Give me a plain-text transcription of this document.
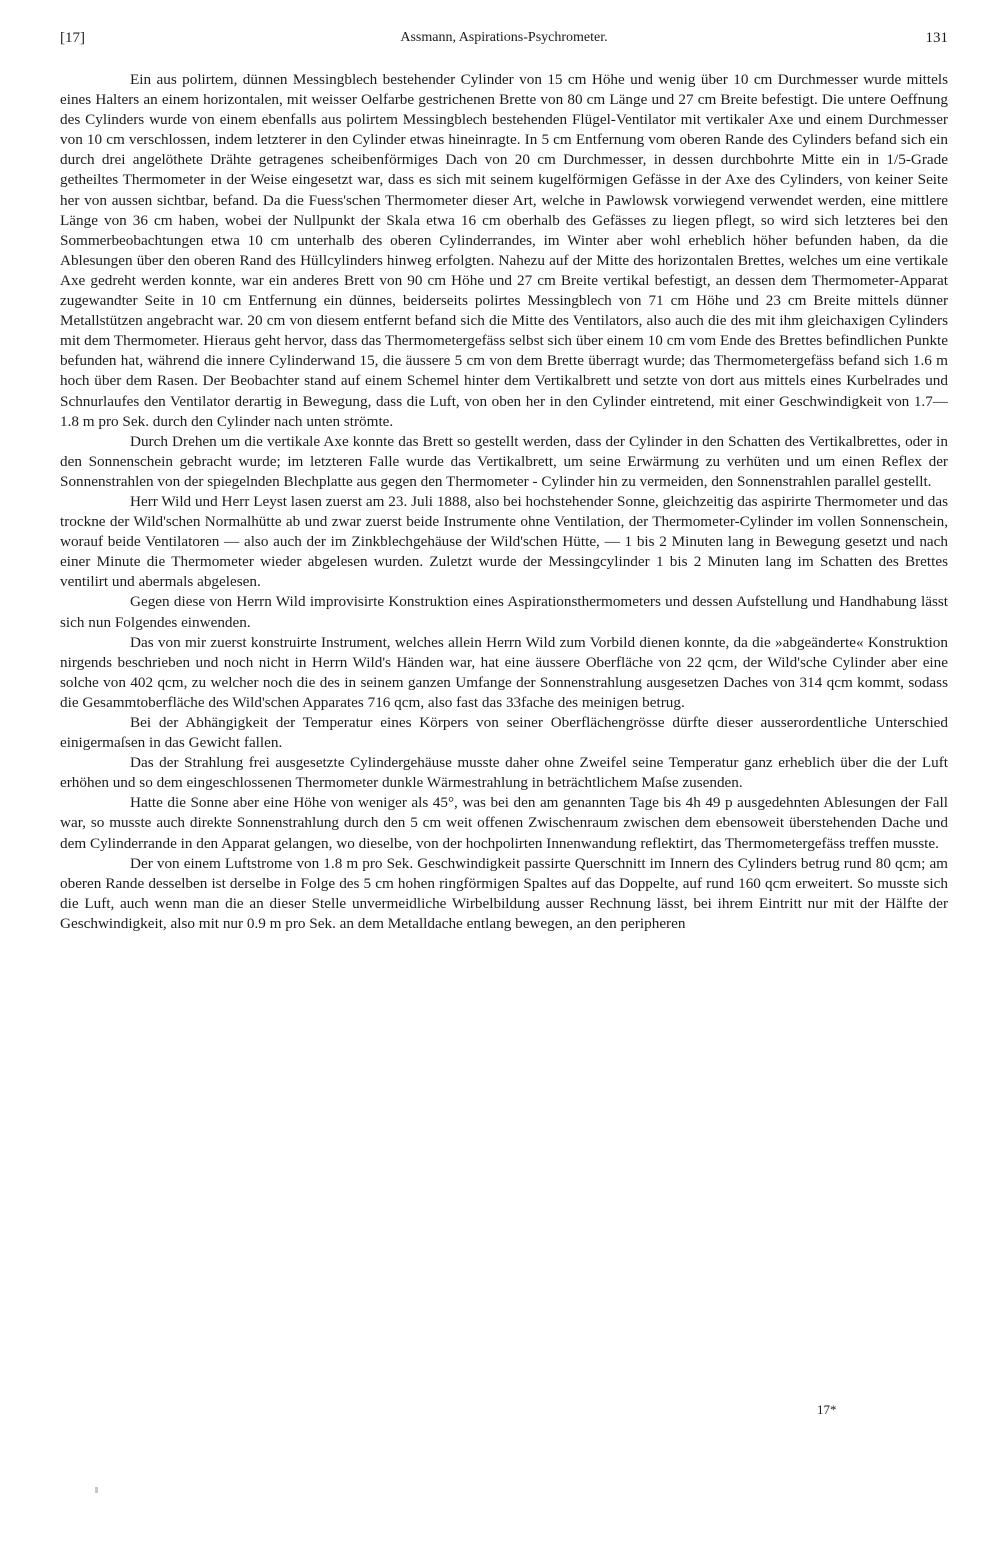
[17]	Assmann, Aspirations-Psychrometer.	131

Ein aus polirtem, dünnen Messingblech bestehender Cylinder von 15 cm Höhe und wenig über 10 cm Durchmesser wurde mittels eines Halters an einem horizontalen, mit weisser Oelfarbe gestrichenen Brette von 80 cm Länge und 27 cm Breite befestigt. Die untere Oeffnung des Cylinders wurde von einem ebenfalls aus polirtem Messingblech bestehenden Flügel-Ventilator mit vertikaler Axe und einem Durchmesser von 10 cm verschlossen, indem letzterer in den Cylinder etwas hineinragte. In 5 cm Entfernung vom oberen Rande des Cylinders befand sich ein durch drei angelöthete Drähte getragenes scheibenförmiges Dach von 20 cm Durchmesser, in dessen durchbohrte Mitte ein in 1/5-Grade getheiltes Thermometer in der Weise eingesetzt war, dass es sich mit seinem kugelförmigen Gefässe in der Axe des Cylinders, von keiner Seite her von aussen sichtbar, befand. Da die Fuess'schen Thermometer dieser Art, welche in Pawlowsk vorwiegend verwendet werden, eine mittlere Länge von 36 cm haben, wobei der Nullpunkt der Skala etwa 16 cm oberhalb des Gefässes zu liegen pflegt, so wird sich letzteres bei den Sommerbeobachtungen etwa 10 cm unterhalb des oberen Cylinderrandes, im Winter aber wohl erheblich höher befunden haben, da die Ablesungen über den oberen Rand des Hüllcylinders hinweg erfolgten. Nahezu auf der Mitte des horizontalen Brettes, welches um eine vertikale Axe gedreht werden konnte, war ein anderes Brett von 90 cm Höhe und 27 cm Breite vertikal befestigt, an dessen dem Thermometer-Apparat zugewandter Seite in 10 cm Entfernung ein dünnes, beiderseits polirtes Messingblech von 71 cm Höhe und 23 cm Breite mittels dünner Metallstützen angebracht war. 20 cm von diesem entfernt befand sich die Mitte des Ventilators, also auch die des mit ihm gleichaxigen Cylinders mit dem Thermometer. Hieraus geht hervor, dass das Thermometergefäss selbst sich über einem 10 cm vom Ende des Brettes befindlichen Punkte befunden hat, während die innere Cylinderwand 15, die äussere 5 cm von dem Brette überragt wurde; das Thermometergefäss befand sich 1.6 m hoch über dem Rasen. Der Beobachter stand auf einem Schemel hinter dem Vertikalbrett und setzte von dort aus mittels eines Kurbelrades und Schnurlaufes den Ventilator derartig in Bewegung, dass die Luft, von oben her in den Cylinder eintretend, mit einer Geschwindigkeit von 1.7—1.8 m pro Sek. durch den Cylinder nach unten strömte.

Durch Drehen um die vertikale Axe konnte das Brett so gestellt werden, dass der Cylinder in den Schatten des Vertikalbrettes, oder in den Sonnenschein gebracht wurde; im letzteren Falle wurde das Vertikalbrett, um seine Erwärmung zu verhüten und um einen Reflex der Sonnenstrahlen von der spiegelnden Blechplatte aus gegen den Thermometer - Cylinder hin zu vermeiden, den Sonnenstrahlen parallel gestellt.

Herr Wild und Herr Leyst lasen zuerst am 23. Juli 1888, also bei hochstehender Sonne, gleichzeitig das aspirirte Thermometer und das trockne der Wild'schen Normalhütte ab und zwar zuerst beide Instrumente ohne Ventilation, der Thermometer-Cylinder im vollen Sonnenschein, worauf beide Ventilatoren — also auch der im Zinkblechgehäuse der Wild'schen Hütte, — 1 bis 2 Minuten lang in Bewegung gesetzt und nach einer Minute die Thermometer wieder abgelesen wurden. Zuletzt wurde der Messingcylinder 1 bis 2 Minuten lang im Schatten des Brettes ventilirt und abermals abgelesen.

Gegen diese von Herrn Wild improvisirte Konstruktion eines Aspirationsthermometers und dessen Aufstellung und Handhabung lässt sich nun Folgendes einwenden.

Das von mir zuerst konstruirte Instrument, welches allein Herrn Wild zum Vorbild dienen konnte, da die »abgeänderte« Konstruktion nirgends beschrieben und noch nicht in Herrn Wild's Händen war, hat eine äussere Oberfläche von 22 qcm, der Wild'sche Cylinder aber eine solche von 402 qcm, zu welcher noch die des in seinem ganzen Umfange der Sonnenstrahlung ausgesetzen Daches von 314 qcm kommt, sodass die Gesammtoberfläche des Wild'schen Apparates 716 qcm, also fast das 33fache des meinigen betrug.

Bei der Abhängigkeit der Temperatur eines Körpers von seiner Oberflächengrösse dürfte dieser ausserordentliche Unterschied einigermaſsen in das Gewicht fallen.

Das der Strahlung frei ausgesetzte Cylindergehäuse musste daher ohne Zweifel seine Temperatur ganz erheblich über die der Luft erhöhen und so dem eingeschlossenen Thermometer dunkle Wärmestrahlung in beträchtlichem Maſse zusenden.

Hatte die Sonne aber eine Höhe von weniger als 45°, was bei den am genannten Tage bis 4h 49 p ausgedehnten Ablesungen der Fall war, so musste auch direkte Sonnenstrahlung durch den 5 cm weit offenen Zwischenraum zwischen dem ebensoweit überstehenden Dache und dem Cylinderrande in den Apparat gelangen, wo dieselbe, von der hochpolirten Innenwandung reflektirt, das Thermometergefäss treffen musste.

Der von einem Luftstrome von 1.8 m pro Sek. Geschwindigkeit passirte Querschnitt im Innern des Cylinders betrug rund 80 qcm; am oberen Rande desselben ist derselbe in Folge des 5 cm hohen ringförmigen Spaltes auf das Doppelte, auf rund 160 qcm erweitert. So musste sich die Luft, auch wenn man die an dieser Stelle unvermeidliche Wirbelbildung ausser Rechnung lässt, bei ihrem Eintritt nur mit der Hälfte der Geschwindigkeit, also mit nur 0.9 m pro Sek. an dem Metalldache entlang bewegen, an den peripheren

17*
